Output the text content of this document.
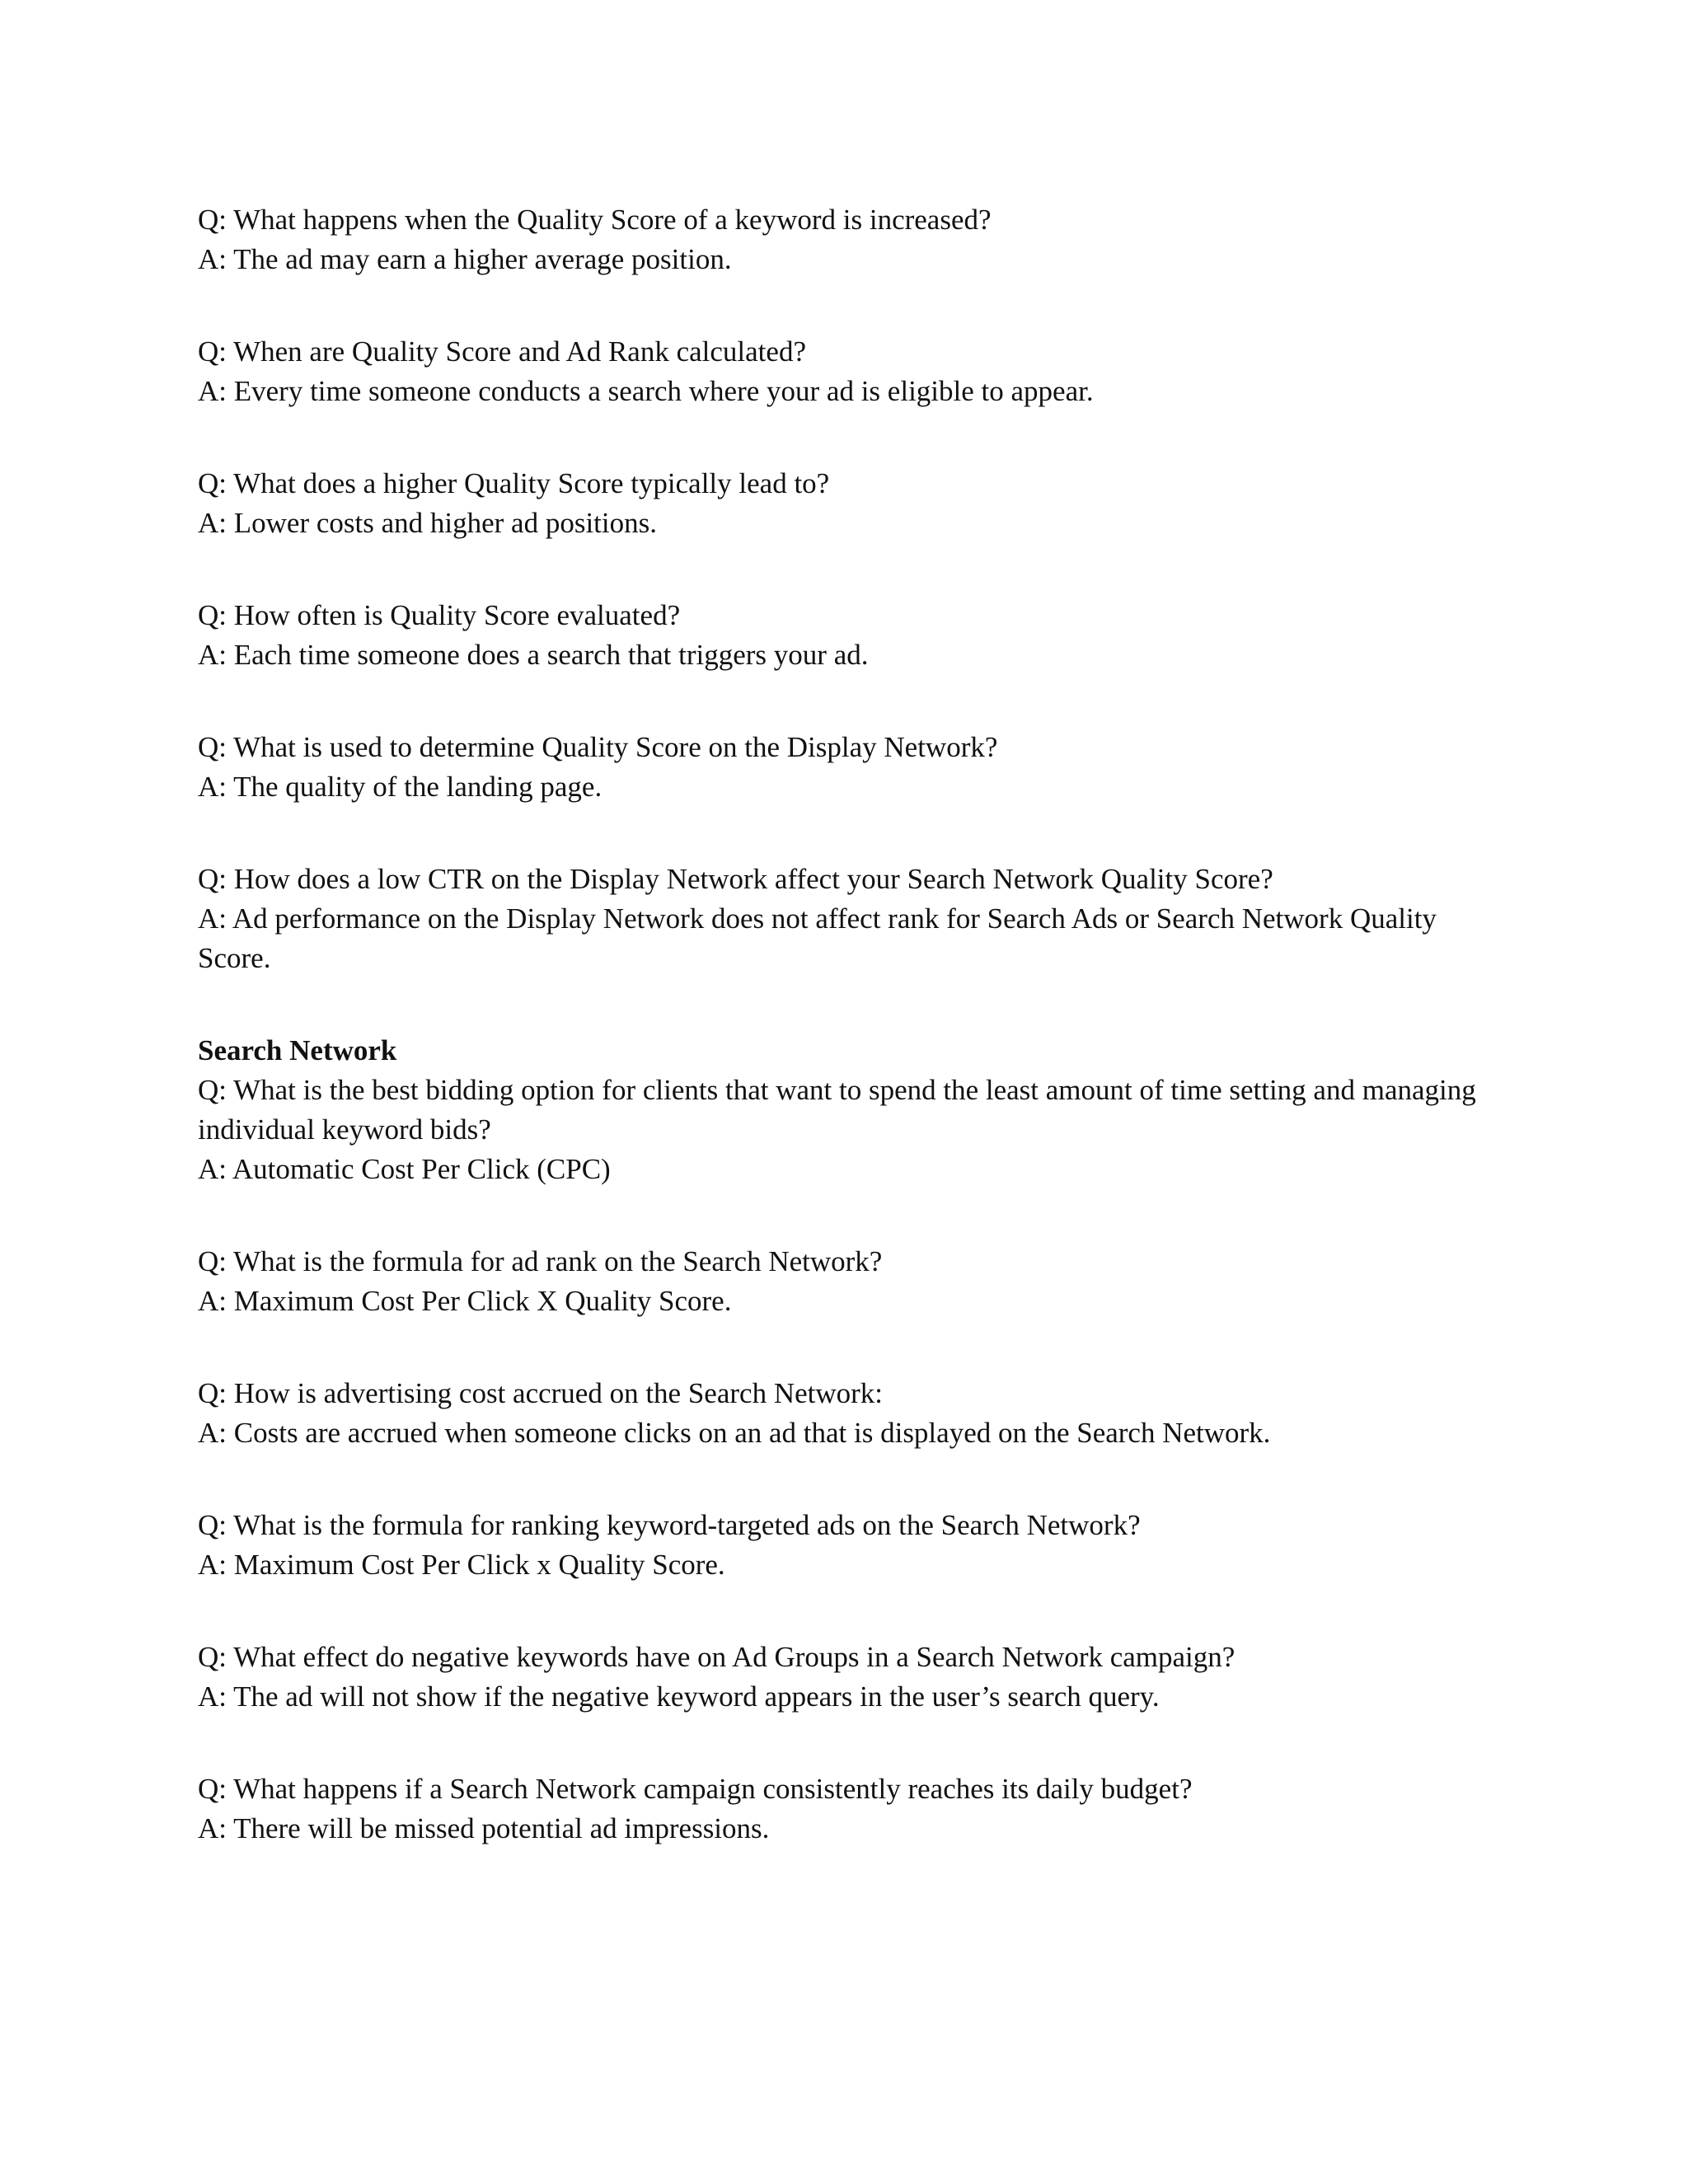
Q: What happens when the Quality Score of a keyword is increased?
A: The ad may earn a higher average position.
Q: When are Quality Score and Ad Rank calculated?
A: Every time someone conducts a search where your ad is eligible to appear.
Q: What does a higher Quality Score typically lead to?
A: Lower costs and higher ad positions.
Q: How often is Quality Score evaluated?
A: Each time someone does a search that triggers your ad.
Q: What is used to determine Quality Score on the Display Network?
A: The quality of the landing page.
Q: How does a low CTR on the Display Network affect your Search Network Quality Score?
A: Ad performance on the Display Network does not affect rank for Search Ads or Search Network Quality Score.
Search Network
Q: What is the best bidding option for clients that want to spend the least amount of time setting and managing individual keyword bids?
A: Automatic Cost Per Click (CPC)
Q: What is the formula for ad rank on the Search Network?
A: Maximum Cost Per Click X Quality Score.
Q: How is advertising cost accrued on the Search Network:
A: Costs are accrued when someone clicks on an ad that is displayed on the Search Network.
Q: What is the formula for ranking keyword-targeted ads on the Search Network?
A: Maximum Cost Per Click x Quality Score.
Q: What effect do negative keywords have on Ad Groups in a Search Network campaign?
A: The ad will not show if the negative keyword appears in the user’s search query.
Q: What happens if a Search Network campaign consistently reaches its daily budget?
A: There will be missed potential ad impressions.
